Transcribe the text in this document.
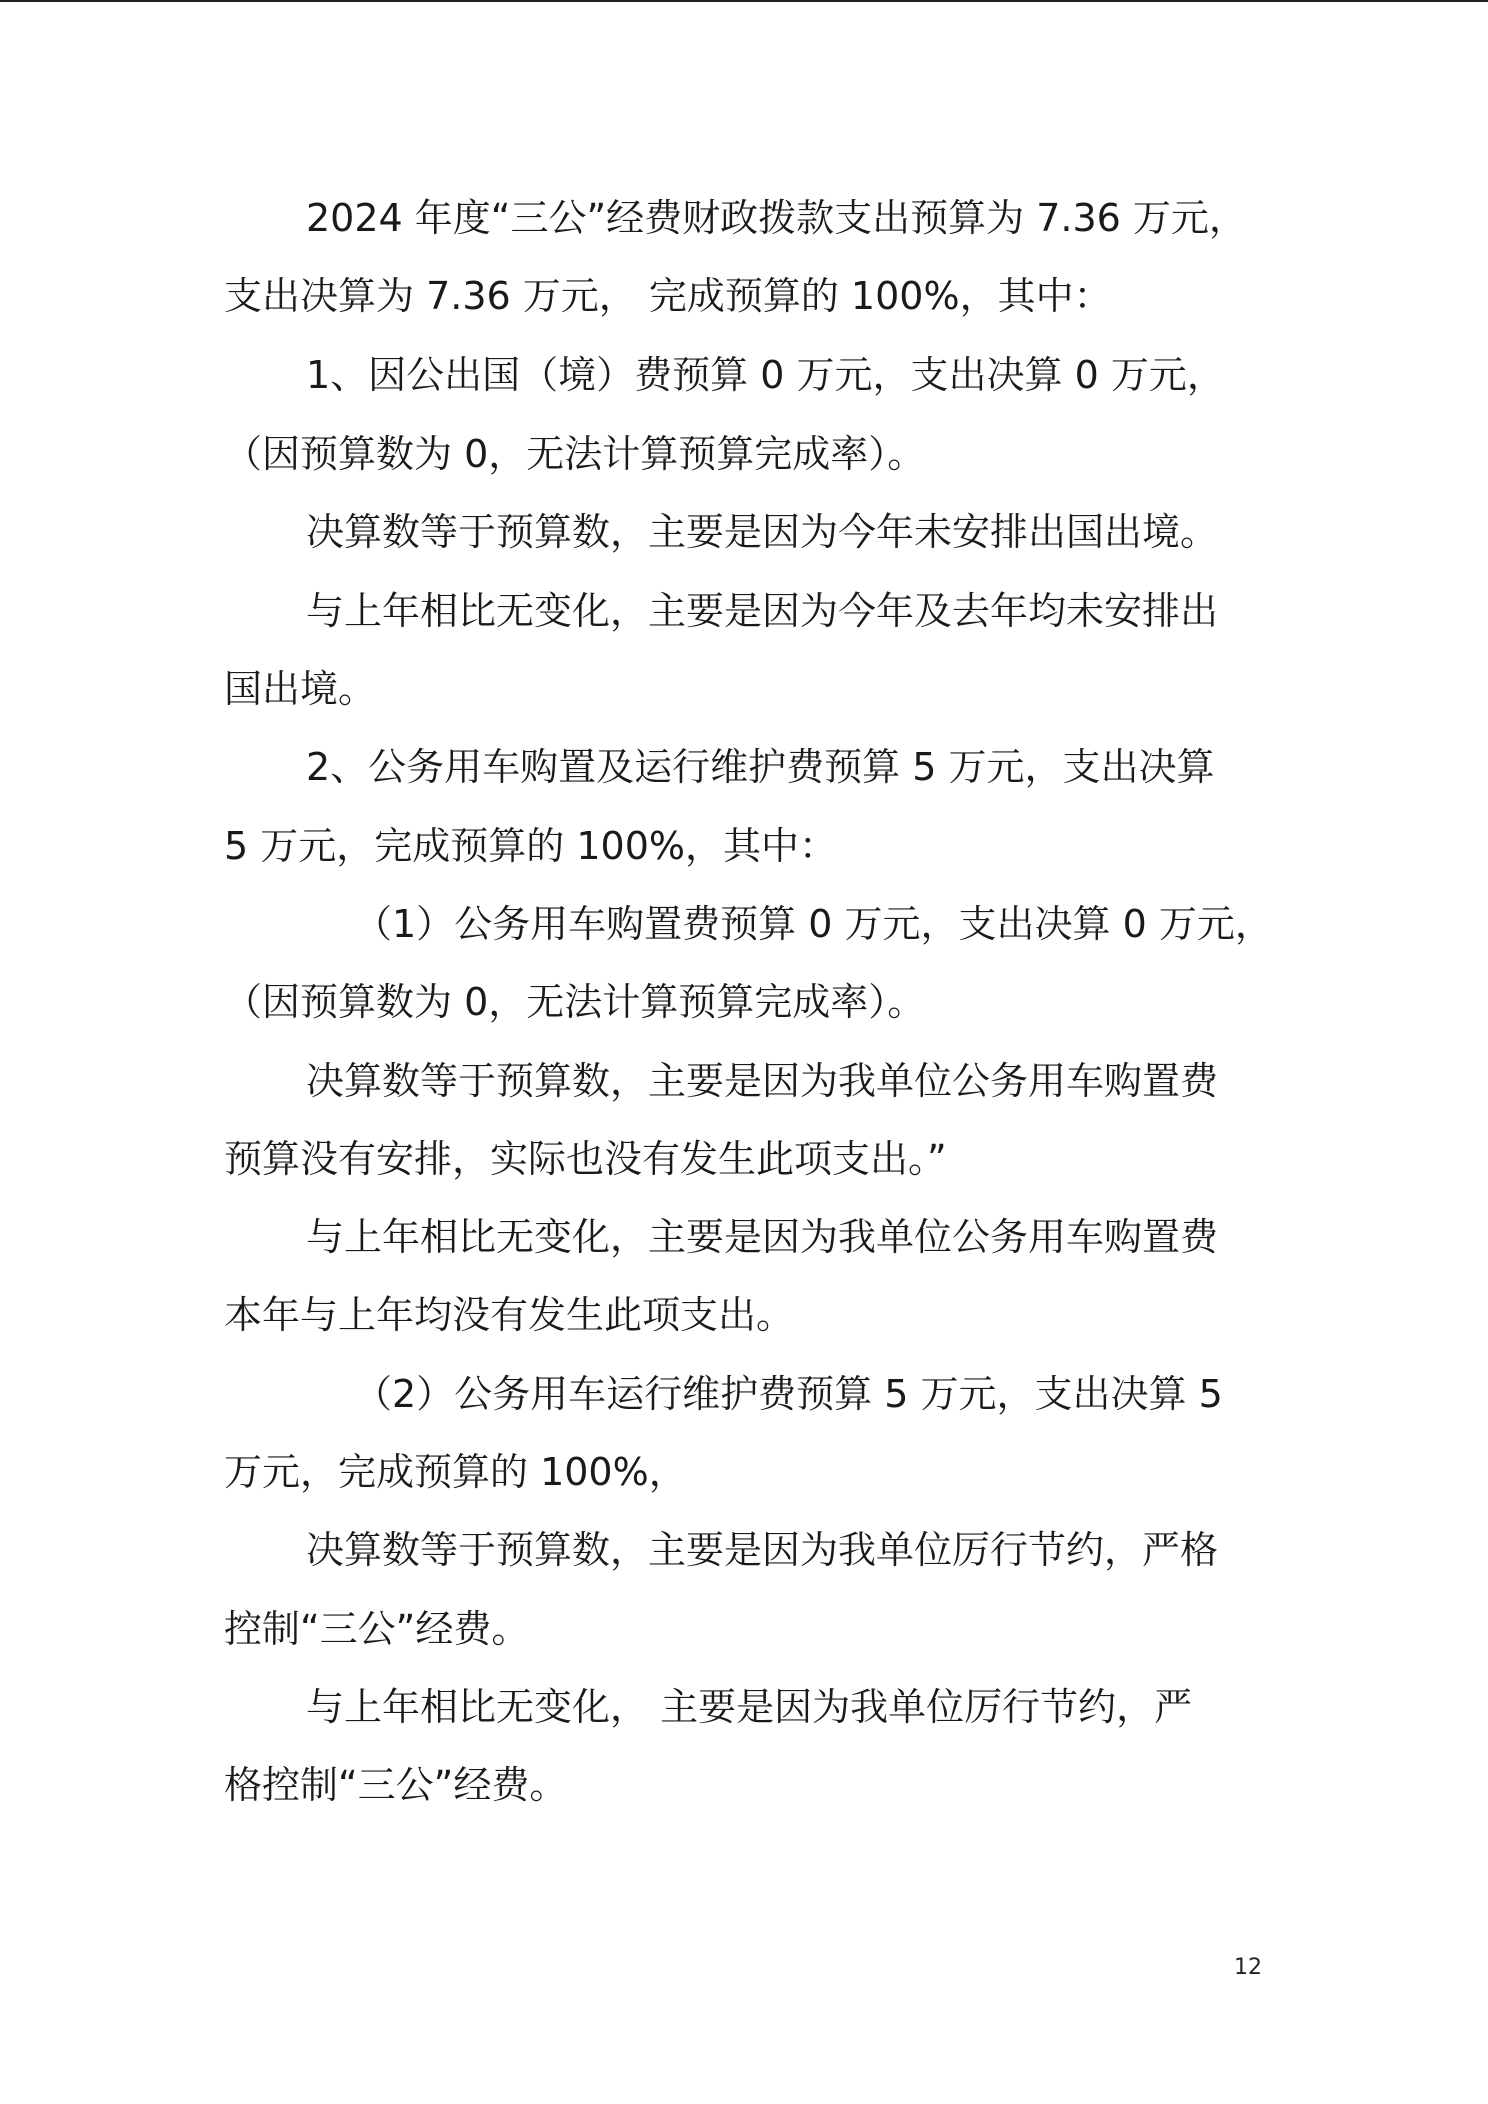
2024 年度“三公”经费财政拨款支出预算为 7.36 万元，
支出决算为 7.36 万元， 完成预算的 100%，其中：
1、因公出国（境）费预算 0 万元，支出决算 0 万元，
（因预算数为 0，无法计算预算完成率）。
决算数等于预算数，主要是因为今年未安排出国出境。
与上年相比无变化，主要是因为今年及去年均未安排出
国出境。
2、公务用车购置及运行维护费预算 5 万元，支出决算
5 万元，完成预算的 100%，其中：
（1）公务用车购置费预算 0 万元，支出决算 0 万元，
（因预算数为 0，无法计算预算完成率）。
决算数等于预算数，主要是因为我单位公务用车购置费
预算没有安排，实际也没有发生此项支出。”
与上年相比无变化，主要是因为我单位公务用车购置费
本年与上年均没有发生此项支出。
（2）公务用车运行维护费预算 5 万元，支出决算 5
万元，完成预算的 100%，
决算数等于预算数，主要是因为我单位厉行节约，严格
控制“三公”经费。
与上年相比无变化， 主要是因为我单位厉行节约，严
格控制“三公”经费。
12
